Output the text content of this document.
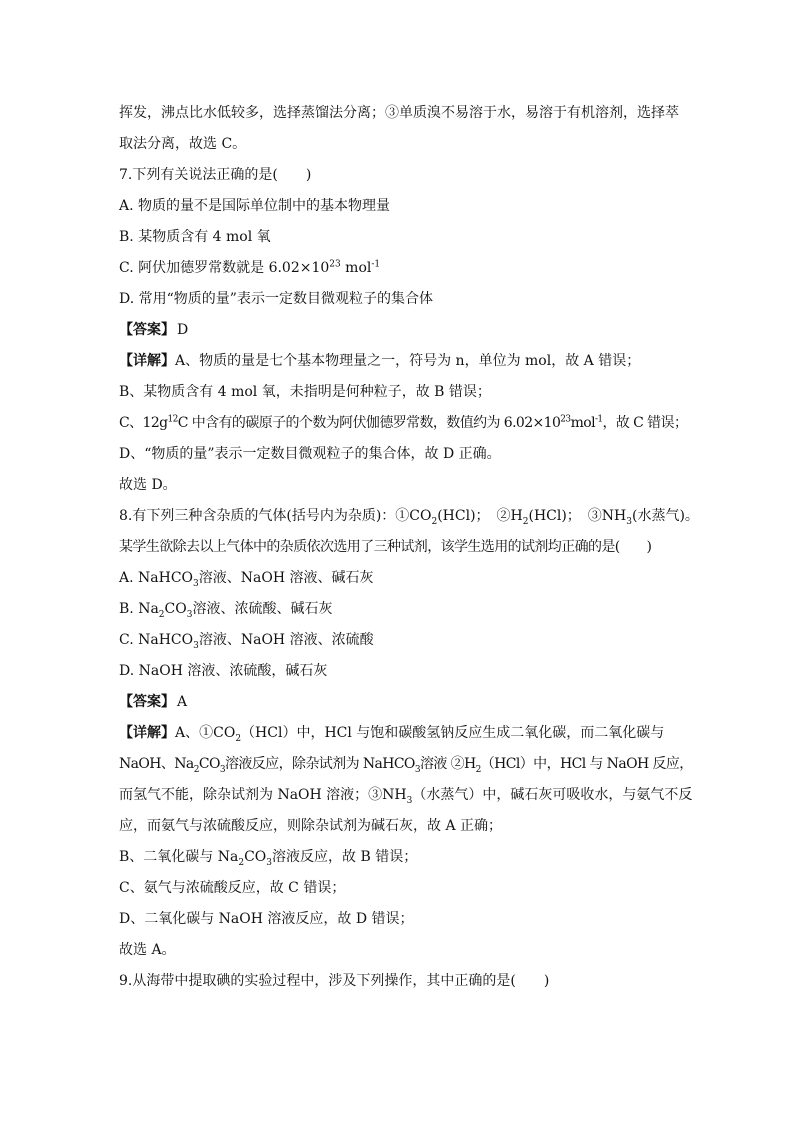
挥发，沸点比水低较多，选择蒸馏法分离；③单质溴不易溶于水，易溶于有机溶剂，选择萃
取法分离，故选 C。
7.下列有关说法正确的是(　　)
A. 物质的量不是国际单位制中的基本物理量
B. 某物质含有 4 mol 氧
C. 阿伏加德罗常数就是 $6.02\times 10^{23}$ mol$^{-1}$
D. 常用“物质的量”表示一定数目微观粒子的集合体
【答案】 D
【详解】A、物质的量是七个基本物理量之一，符号为 n，单位为 mol，故 A 错误；
B、某物质含有 4 mol 氧，未指明是何种粒子，故 B 错误；
C、$12g^{12}C$ 中含有的碳原子的个数为阿伏伽德罗常数，数值约为 $6.02\times 10^{23}mol^{-1}$，故 C 错误；
D、“物质的量”表示一定数目微观粒子的集合体，故 D 正确。
故选 D。
8.有下列三种含杂质的气体(括号内为杂质)：$①CO_2(HCl)$；　$②H_2(HCl)$；　$③NH_3$(水蒸气)。
某学生欲除去以上气体中的杂质依次选用了三种试剂，该学生选用的试剂均正确的是(　　)
A. NaHCO$_3$溶液、NaOH 溶液、碱石灰
B. $Na_2CO_3$溶液、浓硫酸、碱石灰
C. NaHCO$_3$溶液、NaOH 溶液、浓硫酸
D. NaOH 溶液、浓硫酸，碱石灰
【答案】 A
【详解】A、$①CO_2(HCl)$中，HCl 与饱和碳酸氢钠反应生成二氧化碳，而二氧化碳与
NaOH、$Na_2CO_3$溶液反应，除杂试剂为 NaHCO$_3$溶液 $②H_2(HCl)$中，HCl 与 NaOH 反应，
而氢气不能，除杂试剂为 NaOH 溶液；$③NH_3$（水蒸气）中，碱石灰可吸收水，与氨气不反
应，而氨气与浓硫酸反应，则除杂试剂为碱石灰，故 A 正确；
B、二氧化碳与 $Na_2CO_3$溶液反应，故 B 错误；
C、氨气与浓硫酸反应，故 C 错误；
D、二氧化碳与 NaOH 溶液反应，故 D 错误；
故选 A。
9.从海带中提取碘的实验过程中，涉及下列操作，其中正确的是(　　)
